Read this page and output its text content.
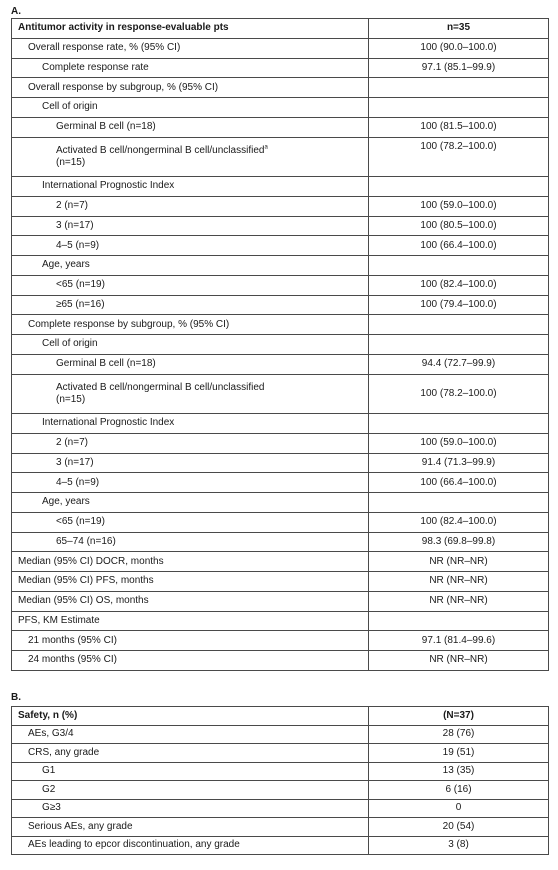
A.
Antitumor activity in response-evaluable pts	n=35
Overall response rate, % (95% CI)	100 (90.0–100.0)
Complete response rate	97.1 (85.1–99.9)
Overall response by subgroup, % (95% CI)	
Cell of origin	
Germinal B cell (n=18)	100 (81.5–100.0)
Activated B cell/nongerminal B cell/unclassified$^a$
(n=15)	100 (78.2–100.0)
International Prognostic Index	
2 (n=7)	100 (59.0–100.0)
3 (n=17)	100 (80.5–100.0)
4–5 (n=9)	100 (66.4–100.0)
Age, years	
<65 (n=19)	100 (82.4–100.0)
≥65 (n=16)	100 (79.4–100.0)
Complete response by subgroup, % (95% CI)	
Cell of origin	
Germinal B cell (n=18)	94.4 (72.7–99.9)
Activated B cell/nongerminal B cell/unclassified
(n=15)	100 (78.2–100.0)
International Prognostic Index	
2 (n=7)	100 (59.0–100.0)
3 (n=17)	91.4 (71.3–99.9)
4–5 (n=9)	100 (66.4–100.0)
Age, years	
<65 (n=19)	100 (82.4–100.0)
65–74 (n=16)	98.3 (69.8–99.8)
Median (95% CI) DOCR, months	NR (NR–NR)
Median (95% CI) PFS, months	NR (NR–NR)
Median (95% CI) OS, months	NR (NR–NR)
PFS, KM Estimate	
21 months (95% CI)	97.1 (81.4–99.6)
24 months (95% CI)	NR (NR–NR)
B.
Safety, n (%)	(N=37)
AEs, G3/4	28 (76)
CRS, any grade	19 (51)
G1	13 (35)
G2	6 (16)
G≥3	0
Serious AEs, any grade	20 (54)
AEs leading to epcor discontinuation, any grade	3 (8)
